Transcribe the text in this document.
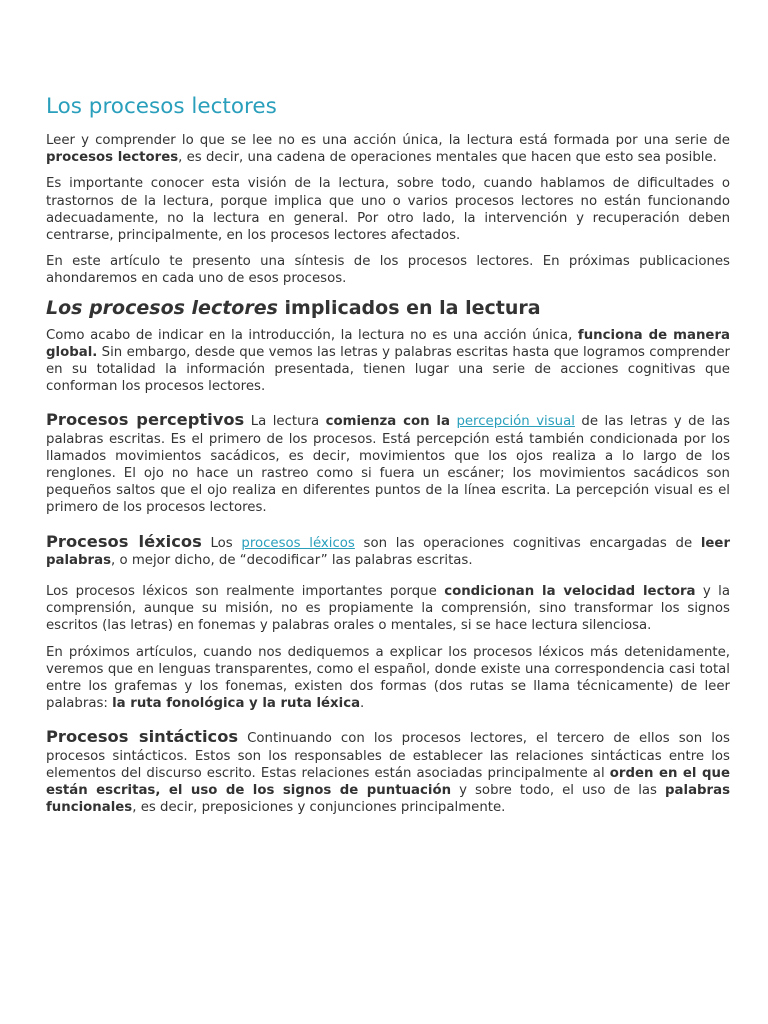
Los procesos lectores

Leer y comprender lo que se lee no es una acción única, la lectura está formada por una serie de procesos lectores, es decir, una cadena de operaciones mentales que hacen que esto sea posible.

Es importante conocer esta visión de la lectura, sobre todo, cuando hablamos de dificultades o trastornos de la lectura, porque implica que uno o varios procesos lectores no están funcionando adecuadamente, no la lectura en general. Por otro lado, la intervención y recuperación deben centrarse, principalmente, en los procesos lectores afectados.

En este artículo te presento una síntesis de los procesos lectores. En próximas publicaciones ahondaremos en cada uno de esos procesos.

Los procesos lectores implicados en la lectura

Como acabo de indicar en la introducción, la lectura no es una acción única, funciona de manera global. Sin embargo, desde que vemos las letras y palabras escritas hasta que logramos comprender en su totalidad la información presentada, tienen lugar una serie de acciones cognitivas que conforman los procesos lectores.

Procesos perceptivos La lectura comienza con la percepción visual de las letras y de las palabras escritas. Es el primero de los procesos. Está percepción está también condicionada por los llamados movimientos sacádicos, es decir, movimientos que los ojos realiza a lo largo de los renglones. El ojo no hace un rastreo como si fuera un escáner; los movimientos sacádicos son pequeños saltos que el ojo realiza en diferentes puntos de la línea escrita. La percepción visual es el primero de los procesos lectores.

Procesos léxicos Los procesos léxicos son las operaciones cognitivas encargadas de leer palabras, o mejor dicho, de “decodificar” las palabras escritas.

Los procesos léxicos son realmente importantes porque condicionan la velocidad lectora y la comprensión, aunque su misión, no es propiamente la comprensión, sino transformar los signos escritos (las letras) en fonemas y palabras orales o mentales, si se hace lectura silenciosa.

En próximos artículos, cuando nos dediquemos a explicar los procesos léxicos más detenidamente, veremos que en lenguas transparentes, como el español, donde existe una correspondencia casi total entre los grafemas y los fonemas, existen dos formas (dos rutas se llama técnicamente) de leer palabras: la ruta fonológica y la ruta léxica.

Procesos sintácticos Continuando con los procesos lectores, el tercero de ellos son los procesos sintácticos. Estos son los responsables de establecer las relaciones sintácticas entre los elementos del discurso escrito. Estas relaciones están asociadas principalmente al orden en el que están escritas, el uso de los signos de puntuación y sobre todo, el uso de las palabras funcionales, es decir, preposiciones y conjunciones principalmente.
